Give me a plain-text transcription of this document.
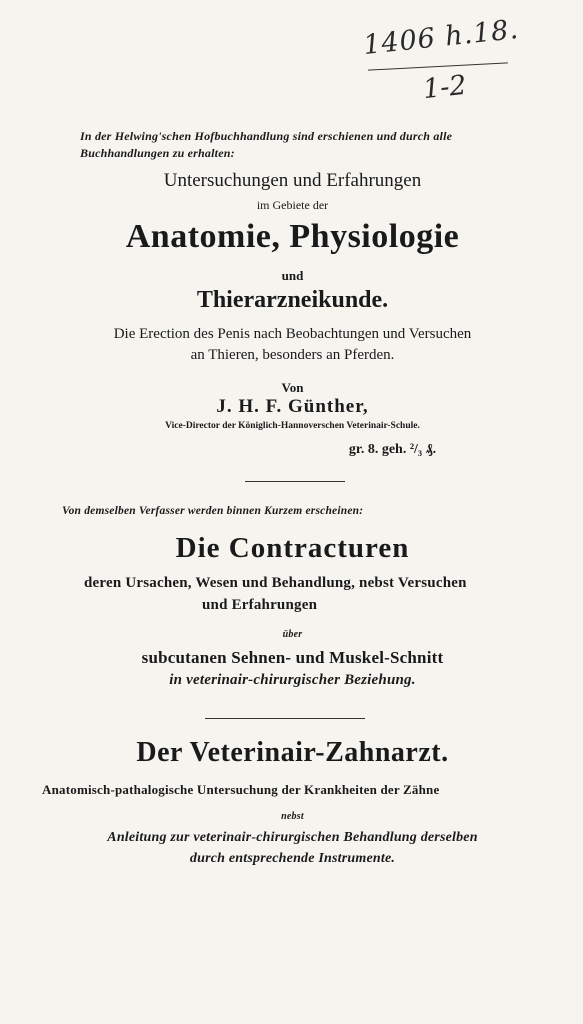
1406 h.18.
1-2
In der Helwing'schen Hofbuchhandlung sind erschienen und durch alle Buchhandlungen zu erhalten:
Untersuchungen und Erfahrungen
im Gebiete der
Anatomie, Physiologie
und
Thierarzneikunde.
Die Erection des Penis nach Beobachtungen und Versuchen
an Thieren, besonders an Pferden.
Von
J. H. F. Günther,
Vice-Director der Königlich-Hannoverschen Veterinair-Schule.
gr. 8. geh. ²/₃ ₰.
Von demselben Verfasser werden binnen Kurzem erscheinen:
Die Contracturen
deren Ursachen, Wesen und Behandlung, nebst Versuchen
und Erfahrungen
über
subcutanen Sehnen- und Muskel-Schnitt
in veterinair-chirurgischer Beziehung.
Der Veterinair-Zahnarzt.
Anatomisch-pathalogische Untersuchung der Krankheiten der Zähne
nebst
Anleitung zur veterinair-chirurgischen Behandlung derselben
durch entsprechende Instrumente.
